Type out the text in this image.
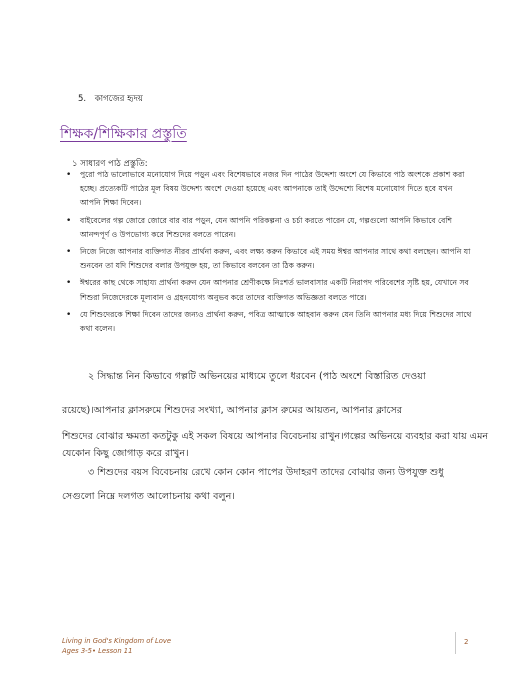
5. কাগজের হৃদয়
শিক্ষক/শিক্ষিকার প্রস্তুতি
১ সাধারণ পাঠ প্রস্তুতি:
• পুরো পাঠ ভালোভাবে মনোযোগ দিয়ে পড়ুন এবং বিশেষভাবে নজর দিন পাঠের উদ্দেশ্য অংশে যে কিভাবে পাঠ অংশকে প্রকাশ করা হচ্ছে। প্রত্যেকটি পাঠের মূল বিষয় উদ্দেশ্য অংশে দেওয়া হয়েছে এবং আপনাকে তাই উদ্দেশ্যে বিশেষ মনোযোগ দিতে হবে যখন আপনি শিক্ষা দিবেন।
• বাইবেলের গল্প জোরে জোরে বার বার পড়ুন, যেন আপনি পরিকল্পনা ও চর্চা করতে পারেন যে, গল্পগুলো আপনি কিভাবে বেশি আনন্দপূর্ণ ও উপভোগ্য করে শিশুদের বলতে পারেন।
• নিজে নিজে আপনার ব্যক্তিগত নীরব প্রার্থনা করুন, এবং লক্ষ্য করুন কিভাবে এই সময় ঈশ্বর আপনার সাথে কথা বলছেন। আপনি যা শুনবেন তা যদি শিশুদের বলার উপযুক্ত হয়, তা কিভাবে বলবেন তা ঠিক করুন।
• ঈশ্বরের কাছ থেকে সাহায্য প্রার্থনা করুন যেন আপনার শ্রেণীকক্ষে নিঃশর্ত ভালবাসার একটি নিরাপদ পরিবেশের সৃষ্টি হয়, যেখানে সব শিশুরা নিজেদেরকে মূল্যবান ও গ্রহনযোগ্য অনুভব করে তাদের ব্যক্তিগত অভিজ্ঞতা বলতে পারে।
• যে শিশুদেরকে শিক্ষা দিবেন তাদের জন্যও প্রার্থনা করুন, পবিত্র আত্মাকে আহবান করুন যেন তিনি আপনার মধ্য দিয়ে শিশুদের সাথে কথা বলেন।
২ সিদ্ধান্ত নিন কিভাবে গল্পটি অভিনয়ের মাধ্যমে তুলে ধরবেন (পাঠ অংশে বিস্তারিত দেওয়া
রয়েছে)।আপনার ক্লাসরুমে শিশুদের সংখ্যা, আপনার ক্লাস রুমের আয়তন, আপনার ক্লাসের
শিশুদের বোঝার ক্ষমতা কতটুকু এই সকল বিষয়ে আপনার বিবেচনায় রাখুন।গল্পের অভিনয়ে ব্যবহার করা যায় এমন যেকোন কিছু জোগাড় করে রাখুন।
৩ শিশুদের বয়স বিবেচনায় রেখে কোন কোন পাপের উদাহরণ তাদের বোঝার জন্য উপযুক্ত শুধু
সেগুলো নিম্নে দলগত আলোচনায় কথা বলুন।
Living in God's Kingdom of Love
Ages 3-5• Lesson 11
2
